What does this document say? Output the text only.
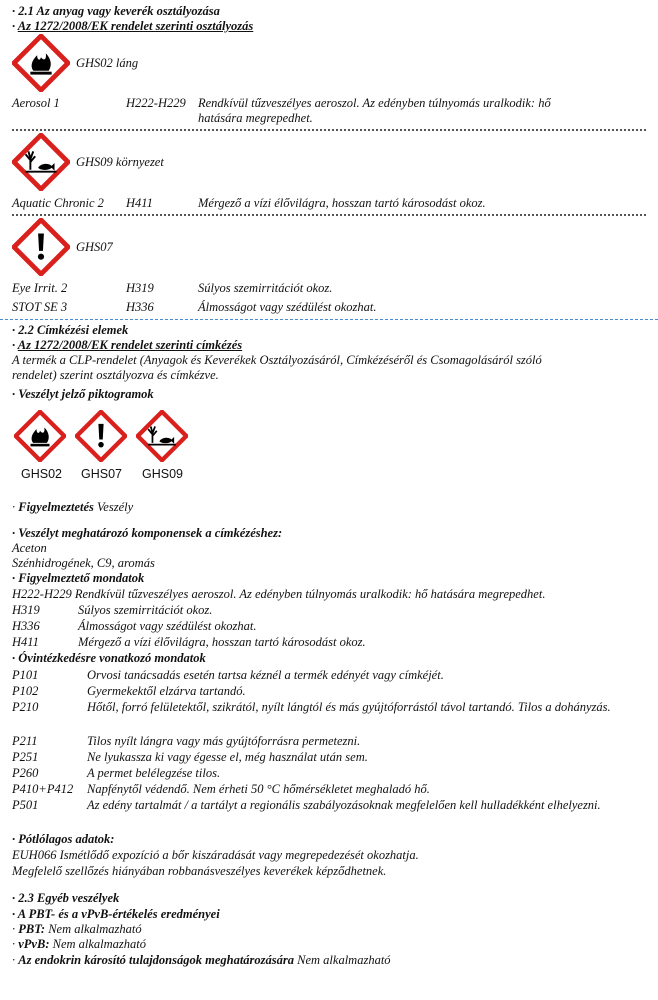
· 2.1 Az anyag vagy keverék osztályozása
· Az 1272/2008/EK rendelet szerinti osztályozás
GHS02 láng
Aerosol 1	H222-H229 Rendkívül tűzveszélyes aeroszol. Az edényben túlnyomás uralkodik: hő
hatására megrepedhet.
GHS09 környezet
Aquatic Chronic 2 H411	Mérgező a vízi élővilágra, hosszan tartó károsodást okoz.
GHS07
Eye Irrit. 2	H319	Súlyos szemirritációt okoz.
STOT SE 3	H336	Álmosságot vagy szédülést okozhat.
· 2.2 Címkézési elemek
· Az 1272/2008/EK rendelet szerinti címkézés
A termék a CLP-rendelet (Anyagok és Keverékek Osztályozásáról, Címkézéséről és Csomagolásáról szóló
rendelet) szerint osztályozva és címkézve.
· Veszélyt jelző piktogramok
GHS02 GHS07 GHS09
· Figyelmeztetés Veszély
· Veszélyt meghatározó komponensek a címkézéshez:
Aceton
Szénhidrogének, C9, aromás
· Figyelmeztető mondatok
H222-H229 Rendkívül tűzveszélyes aeroszol. Az edényben túlnyomás uralkodik: hő hatására megrepedhet.
H319	Súlyos szemirritációt okoz.
H336	Álmosságot vagy szédülést okozhat.
H411	Mérgező a vízi élővilágra, hosszan tartó károsodást okoz.
· Óvintézkedésre vonatkozó mondatok
P101	Orvosi tanácsadás esetén tartsa kéznél a termék edényét vagy címkéjét.
P102	Gyermekektől elzárva tartandó.
P210	Hőtől, forró felületektől, szikrától, nyílt lángtól és más gyújtóforrástól távol tartandó. Tilos a dohányzás.
P211	Tilos nyílt lángra vagy más gyújtóforrásra permetezni.
P251	Ne lyukassza ki vagy égesse el, még használat után sem.
P260	A permet belélegzése tilos.
P410+P412 Napfénytől védendő. Nem érheti 50 °C hőmérsékletet meghaladó hő.
P501	Az edény tartalmát / a tartályt a regionális szabályozásoknak megfelelően kell hulladékként elhelyezni.
· Pótlólagos adatok:
EUH066 Ismétlődő expozíció a bőr kiszáradását vagy megrepedezését okozhatja.
Megfelelő szellőzés hiányában robbanásveszélyes keverékek képződhetnek.
· 2.3 Egyéb veszélyek
· A PBT- és a vPvB-értékelés eredményei
· PBT: Nem alkalmazható
· vPvB: Nem alkalmazható
· Az endokrin károsító tulajdonságok meghatározására Nem alkalmazható
